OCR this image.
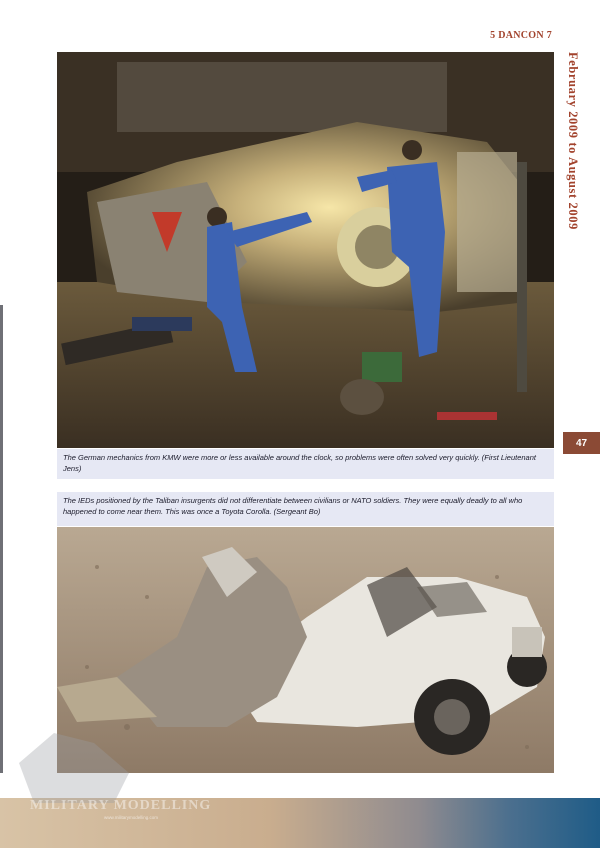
5 DANCON 7
February 2009 to August 2009
47
The German mechanics from KMW were more or less available around the clock, so problems were often solved very quickly. (First Lieutenant Jens)
The IEDs positioned by the Taliban insurgents did not differentiate between civilians or NATO soldiers. They were equally deadly to all who happened to come near them. This was once a Toyota Corolla. (Sergeant Bo)
MILITARY MODELLING
www.militarymodelling.com
